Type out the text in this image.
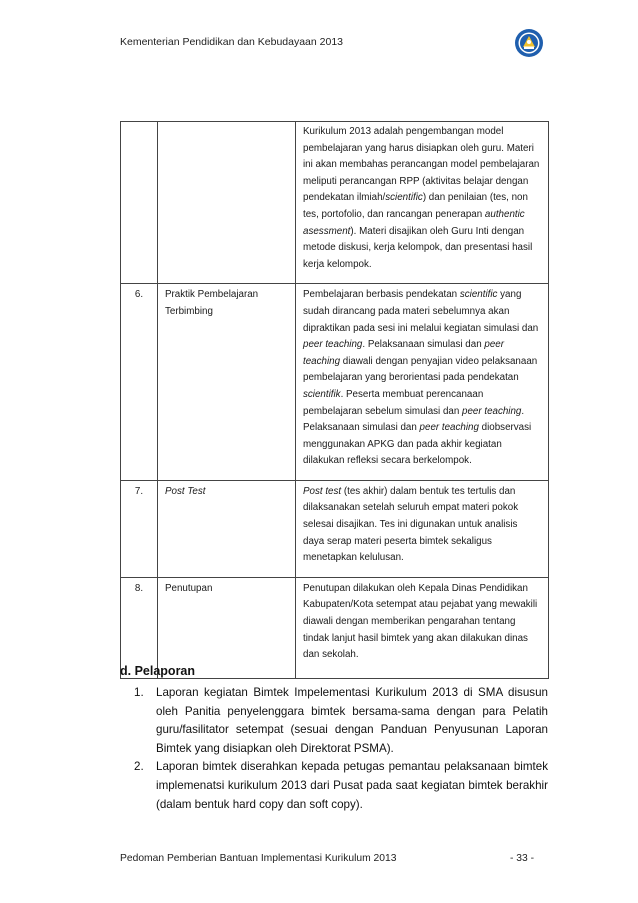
Kementerian Pendidikan dan Kebudayaan 2013

		Kurikulum 2013 adalah pengembangan model pembelajaran yang harus disiapkan oleh guru. Materi ini akan membahas perancangan model pembelajaran meliputi perancangan RPP (aktivitas belajar dengan pendekatan ilmiah/scientific) dan penilaian (tes, non tes, portofolio, dan rancangan penerapan authentic asessment). Materi disajikan oleh Guru Inti dengan metode diskusi, kerja kelompok, dan presentasi hasil kerja kelompok.

6.	Praktik Pembelajaran Terbimbing	Pembelajaran berbasis pendekatan scientific yang sudah dirancang pada materi sebelumnya akan dipraktikan pada sesi ini melalui kegiatan simulasi dan peer teaching. Pelaksanaan simulasi dan peer teaching diawali dengan penyajian video pelaksanaan pembelajaran yang berorientasi pada pendekatan scientifik. Peserta membuat perencanaan pembelajaran sebelum simulasi dan peer teaching. Pelaksanaan simulasi dan peer teaching diobservasi menggunakan APKG dan pada akhir kegiatan dilakukan refleksi secara berkelompok.

7.	Post Test	Post test (tes akhir) dalam bentuk tes tertulis dan dilaksanakan setelah seluruh empat materi pokok selesai disajikan. Tes ini digunakan untuk analisis daya serap materi peserta bimtek sekaligus menetapkan kelulusan.

8.	Penutupan	Penutupan dilakukan oleh Kepala Dinas Pendidikan Kabupaten/Kota setempat atau pejabat yang mewakili diawali dengan memberikan pengarahan tentang tindak lanjut hasil bimtek yang akan dilakukan dinas dan sekolah.
d. Pelaporan
1. Laporan kegiatan Bimtek Impelementasi Kurikulum 2013 di SMA disusun oleh Panitia penyelenggara bimtek bersama-sama dengan para Pelatih guru/fasilitator setempat (sesuai dengan Panduan Penyusunan Laporan Bimtek yang disiapkan oleh Direktorat PSMA).
2. Laporan bimtek diserahkan kepada petugas pemantau pelaksanaan bimtek implemenatsi kurikulum 2013 dari Pusat pada saat kegiatan bimtek berakhir (dalam bentuk hard copy dan soft copy).
Pedoman Pemberian Bantuan Implementasi Kurikulum 2013	- 33 -
